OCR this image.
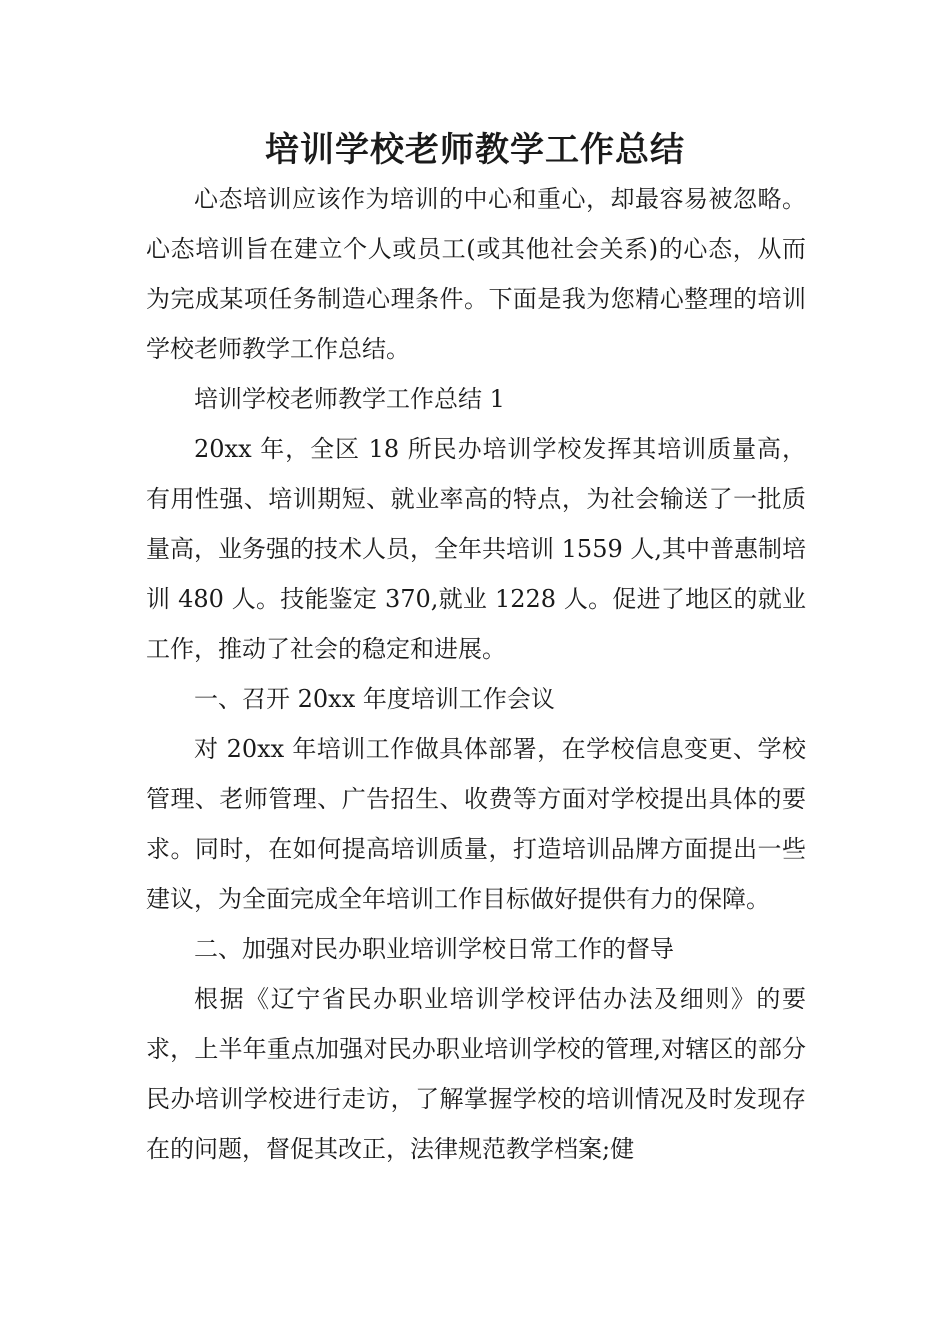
培训学校老师教学工作总结

心态培训应该作为培训的中心和重心，却最容易被忽略。心态培训旨在建立个人或员工(或其他社会关系)的心态，从而为完成某项任务制造心理条件。下面是我为您精心整理的培训学校老师教学工作总结。

培训学校老师教学工作总结 1

20xx 年，全区 18 所民办培训学校发挥其培训质量高，有用性强、培训期短、就业率高的特点，为社会输送了一批质量高，业务强的技术人员，全年共培训 1559 人,其中普惠制培训 480 人。技能鉴定 370,就业 1228 人。促进了地区的就业工作，推动了社会的稳定和进展。

一、召开 20xx 年度培训工作会议

对 20xx 年培训工作做具体部署，在学校信息变更、学校管理、老师管理、广告招生、收费等方面对学校提出具体的要求。同时，在如何提高培训质量，打造培训品牌方面提出一些建议，为全面完成全年培训工作目标做好提供有力的保障。

二、加强对民办职业培训学校日常工作的督导

根据《辽宁省民办职业培训学校评估办法及细则》的要求，上半年重点加强对民办职业培训学校的管理,对辖区的部分民办培训学校进行走访，了解掌握学校的培训情况及时发现存在的问题，督促其改正，法律规范教学档案;健
